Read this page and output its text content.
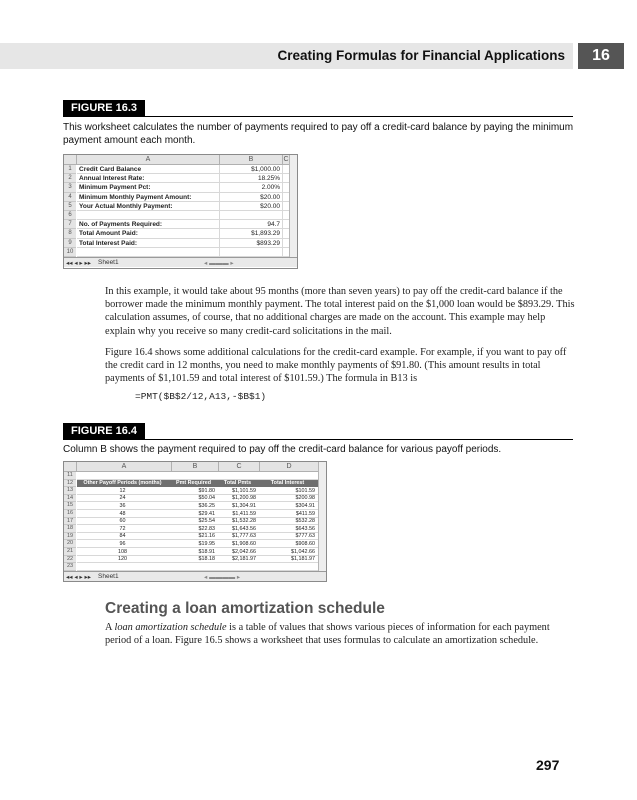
Creating Formulas for Financial Applications	16
FIGURE 16.3
This worksheet calculates the number of payments required to pay off a credit-card balance by paying the minimum payment amount each month.
A	B	C
1	Credit Card Balance	$1,000.00
2	Annual Interest Rate:	18.25%
3	Minimum Payment Pct:	2.00%
4	Minimum Monthly Payment Amount:	$20.00
5	Your Actual Monthly Payment:	$20.00
6
7	No. of Payments Required:	94.7
8	Total Amount Paid:	$1,893.29
9	Total Interest Paid:	$893.29
10
◂◂ ◂ ▸ ▸▸ Sheet1	◂ ▬▬▬ ▸
In this example, it would take about 95 months (more than seven years) to pay off the credit-card balance if the borrower made the minimum monthly payment. The total interest paid on the $1,000 loan would be $893.29. This calculation assumes, of course, that no additional charges are made on the account. This example may help explain why you receive so many credit-card solicitations in the mail.
Figure 16.4 shows some additional calculations for the credit-card example. For example, if you want to pay off the credit card in 12 months, you need to make monthly payments of $91.80. (This amount results in total payments of $1,101.59 and total interest of $101.59.) The formula in B13 is
=PMT($B$2/12,A13,-$B$1)
FIGURE 16.4
Column B shows the payment required to pay off the credit-card balance for various payoff periods.
A	B	C	D
11
12	Other Payoff Periods (months)	Pmt Required	Total Pmts	Total Interest
13	12	$91.80	$1,101.59	$101.59
14	24	$50.04	$1,200.98	$200.98
15	36	$36.25	$1,304.91	$304.91
16	48	$29.41	$1,411.59	$411.59
17	60	$25.54	$1,532.28	$532.28
18	72	$22.83	$1,643.56	$643.56
19	84	$21.16	$1,777.63	$777.63
20	96	$19.95	$1,908.60	$908.60
21	108	$18.91	$2,042.66	$1,042.66
22	120	$18.18	$2,181.97	$1,181.97
23
◂◂ ◂ ▸ ▸▸ Sheet1	◂ ▬▬▬▬ ▸
Creating a loan amortization schedule
A loan amortization schedule is a table of values that shows various pieces of information for each payment period of a loan. Figure 16.5 shows a worksheet that uses formulas to calculate an amortization schedule.
297
